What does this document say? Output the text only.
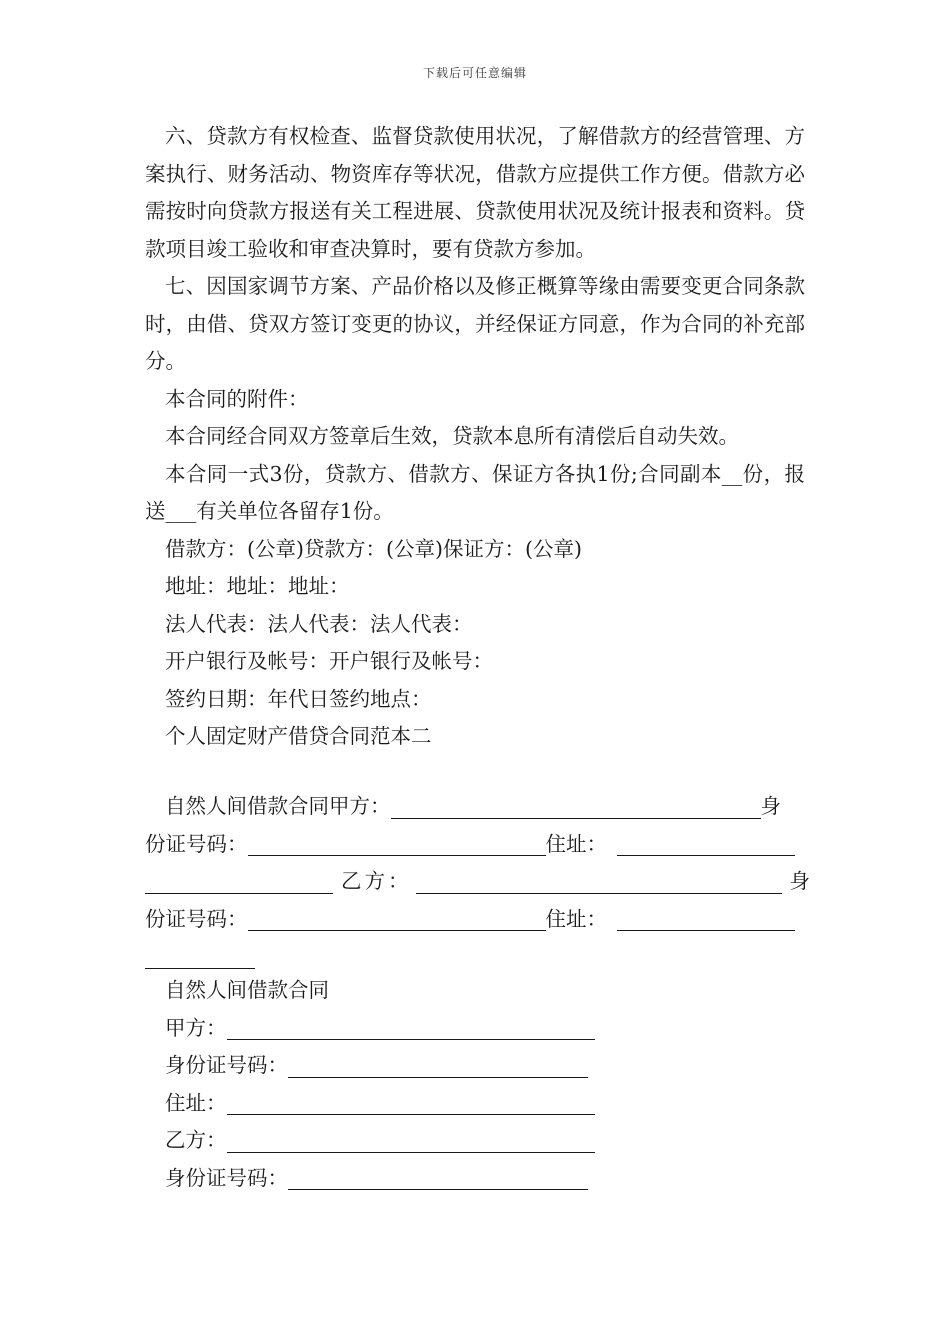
下载后可任意编辑

六、贷款方有权检查、监督贷款使用状况，了解借款方的经营管理、方案执行、财务活动、物资库存等状况，借款方应提供工作方便。借款方必需按时向贷款方报送有关工程进展、贷款使用状况及统计报表和资料。贷款项目竣工验收和审查决算时，要有贷款方参加。

七、因国家调节方案、产品价格以及修正概算等缘由需要变更合同条款时，由借、贷双方签订变更的协议，并经保证方同意，作为合同的补充部分。

本合同的附件：

本合同经合同双方签章后生效，贷款本息所有清偿后自动失效。

本合同一式3份，贷款方、借款方、保证方各执1份;合同副本__份，报送___有关单位各留存1份。

借款方：(公章)贷款方：(公章)保证方：(公章)

地址：地址：地址：

法人代表：法人代表：法人代表：

开户银行及帐号：开户银行及帐号：

签约日期：年代日签约地点：

个人固定财产借贷合同范本二

自然人间借款合同甲方：	身
份证号码：	住址：
乙方：	身
份证号码：	住址：
自然人间借款合同
甲方：
身份证号码：
住址：
乙方：
身份证号码：
